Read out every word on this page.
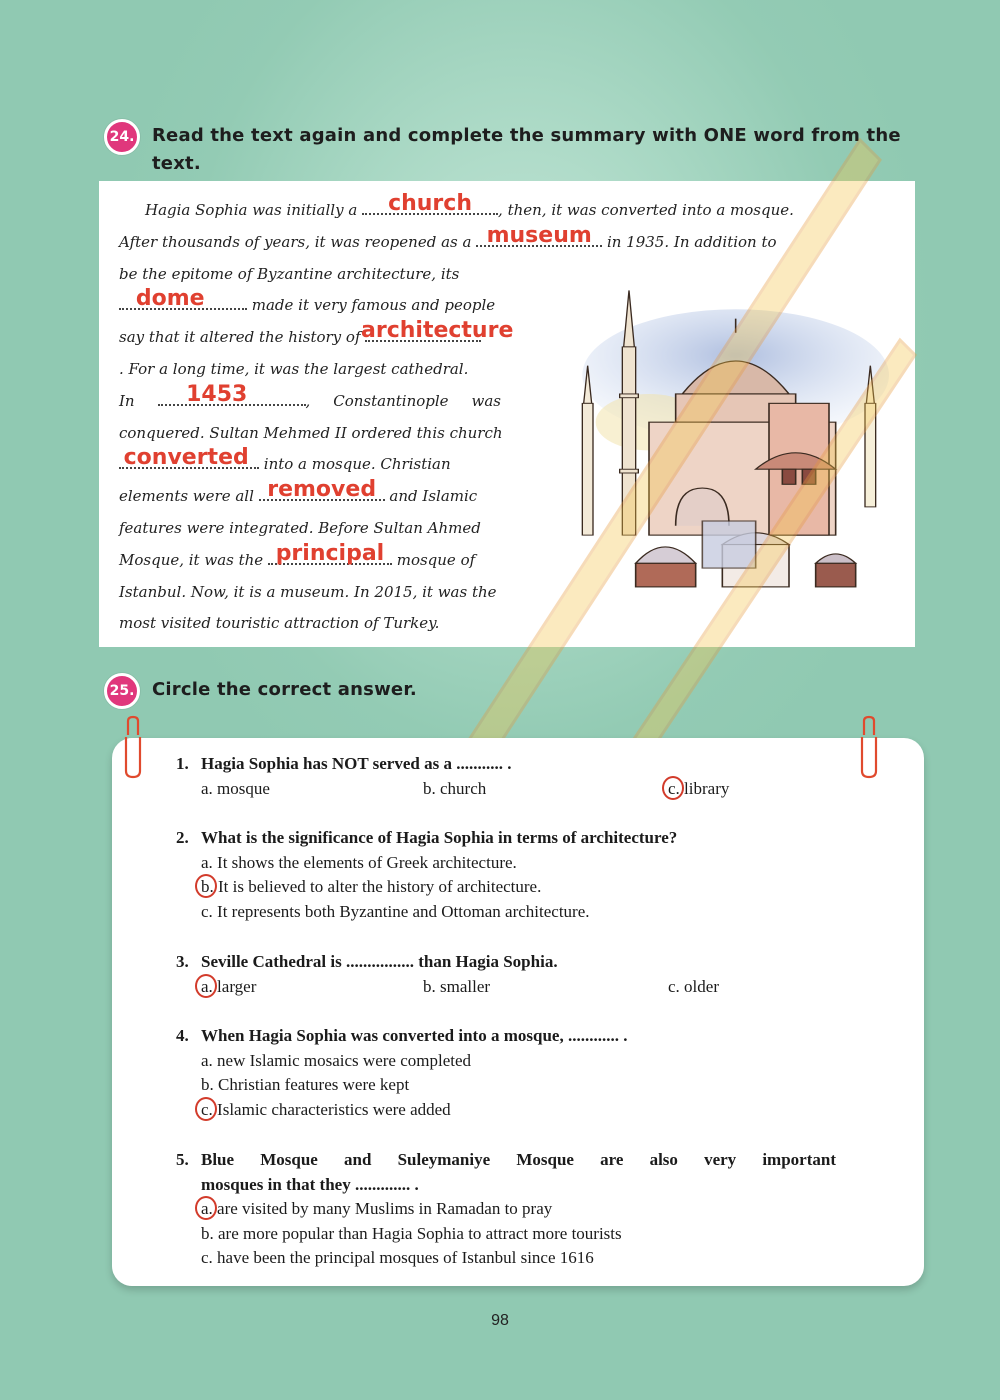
24. Read the text again and complete the summary with ONE word from the text.
Hagia Sophia was initially a church , then, it was converted into a mosque.
After thousands of years, it was reopened as a museum in 1935. In addition to
be the epitome of Byzantine architecture, its
dome	made it very famous and people
say that it altered the history of
architecture
. For a long time, it was the largest cathedral.
In 1453	, Constantinople was
conquered. Sultan Mehmed II ordered this church
converted into a mosque. Christian
elements were all removed and Islamic
features were integrated. Before Sultan Ahmed
Mosque, it was the principal mosque of
Istanbul. Now, it is a museum. In 2015, it was the
most visited touristic attraction of Turkey.
25. Circle the correct answer.
1. Hagia Sophia has NOT served as a ........... .
a. mosque	b. church	c. library
2. What is the significance of Hagia Sophia in terms of architecture?
a. It shows the elements of Greek architecture.
b. It is believed to alter the history of architecture.
c. It represents both Byzantine and Ottoman architecture.
3. Seville Cathedral is ................ than Hagia Sophia.
a. larger	b. smaller	c. older
4. When Hagia Sophia was converted into a mosque, ............ .
a. new Islamic mosaics were completed
b. Christian features were kept
c. Islamic characteristics were added
5. Blue Mosque and Suleymaniye Mosque are also very important
mosques in that they ............. .
a. are visited by many Muslims in Ramadan to pray
b. are more popular than Hagia Sophia to attract more tourists
c. have been the principal mosques of Istanbul since 1616
98
